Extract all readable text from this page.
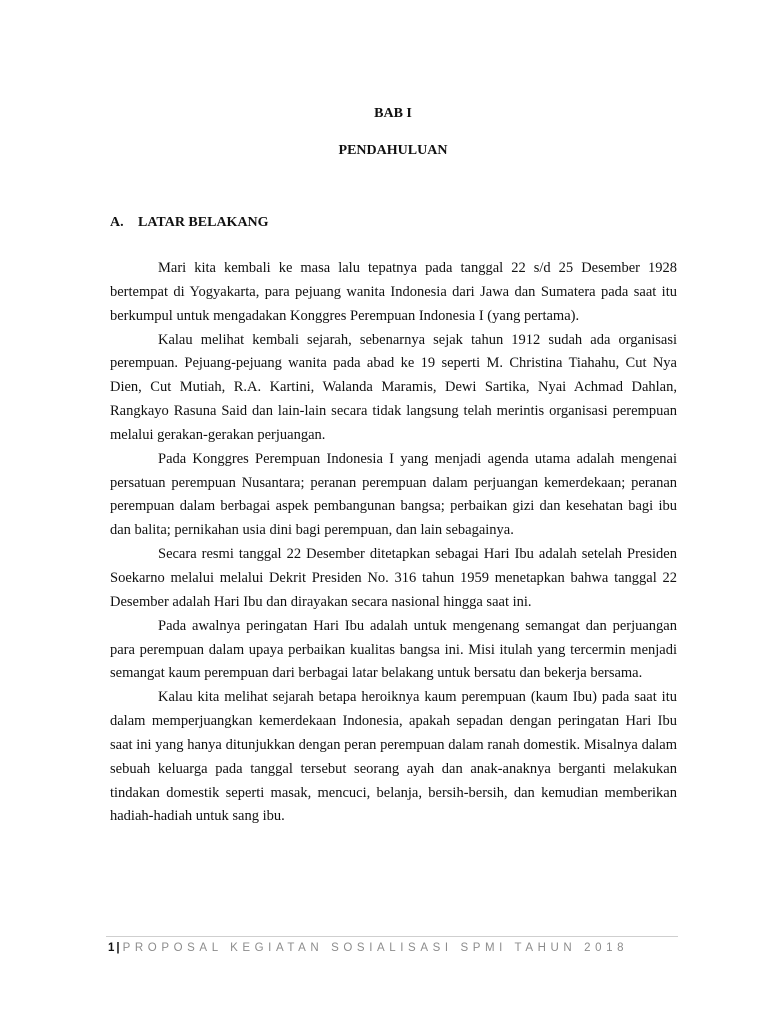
BAB I
PENDAHULUAN
A. LATAR BELAKANG

Mari kita kembali ke masa lalu tepatnya pada tanggal 22 s/d 25 Desember 1928 bertempat di Yogyakarta, para pejuang wanita Indonesia dari Jawa dan Sumatera pada saat itu berkumpul untuk mengadakan Konggres Perempuan Indonesia I (yang pertama).

Kalau melihat kembali sejarah, sebenarnya sejak tahun 1912 sudah ada organisasi perempuan. Pejuang-pejuang wanita pada abad ke 19 seperti M. Christina Tiahahu, Cut Nya Dien, Cut Mutiah, R.A. Kartini, Walanda Maramis, Dewi Sartika, Nyai Achmad Dahlan, Rangkayo Rasuna Said dan lain-lain secara tidak langsung telah merintis organisasi perempuan melalui gerakan-gerakan perjuangan.

Pada Konggres Perempuan Indonesia I yang menjadi agenda utama adalah mengenai persatuan perempuan Nusantara; peranan perempuan dalam perjuangan kemerdekaan; peranan perempuan dalam berbagai aspek pembangunan bangsa; perbaikan gizi dan kesehatan bagi ibu dan balita; pernikahan usia dini bagi perempuan, dan lain sebagainya.

Secara resmi tanggal 22 Desember ditetapkan sebagai Hari Ibu adalah setelah Presiden Soekarno melalui melalui Dekrit Presiden No. 316 tahun 1959 menetapkan bahwa tanggal 22 Desember adalah Hari Ibu dan dirayakan secara nasional hingga saat ini.

Pada awalnya peringatan Hari Ibu adalah untuk mengenang semangat dan perjuangan para perempuan dalam upaya perbaikan kualitas bangsa ini. Misi itulah yang tercermin menjadi semangat kaum perempuan dari berbagai latar belakang untuk bersatu dan bekerja bersama.

Kalau kita melihat sejarah betapa heroiknya kaum perempuan (kaum Ibu) pada saat itu dalam memperjuangkan kemerdekaan Indonesia, apakah sepadan dengan peringatan Hari Ibu saat ini yang hanya ditunjukkan dengan peran perempuan dalam ranah domestik. Misalnya dalam sebuah keluarga pada tanggal tersebut seorang ayah dan anak-anaknya berganti melakukan tindakan domestik seperti masak, mencuci, belanja, bersih-bersih, dan kemudian memberikan hadiah-hadiah untuk sang ibu.

1 | PROPOSAL KEGIATAN SOSIALISASI SPMI TAHUN 2018
